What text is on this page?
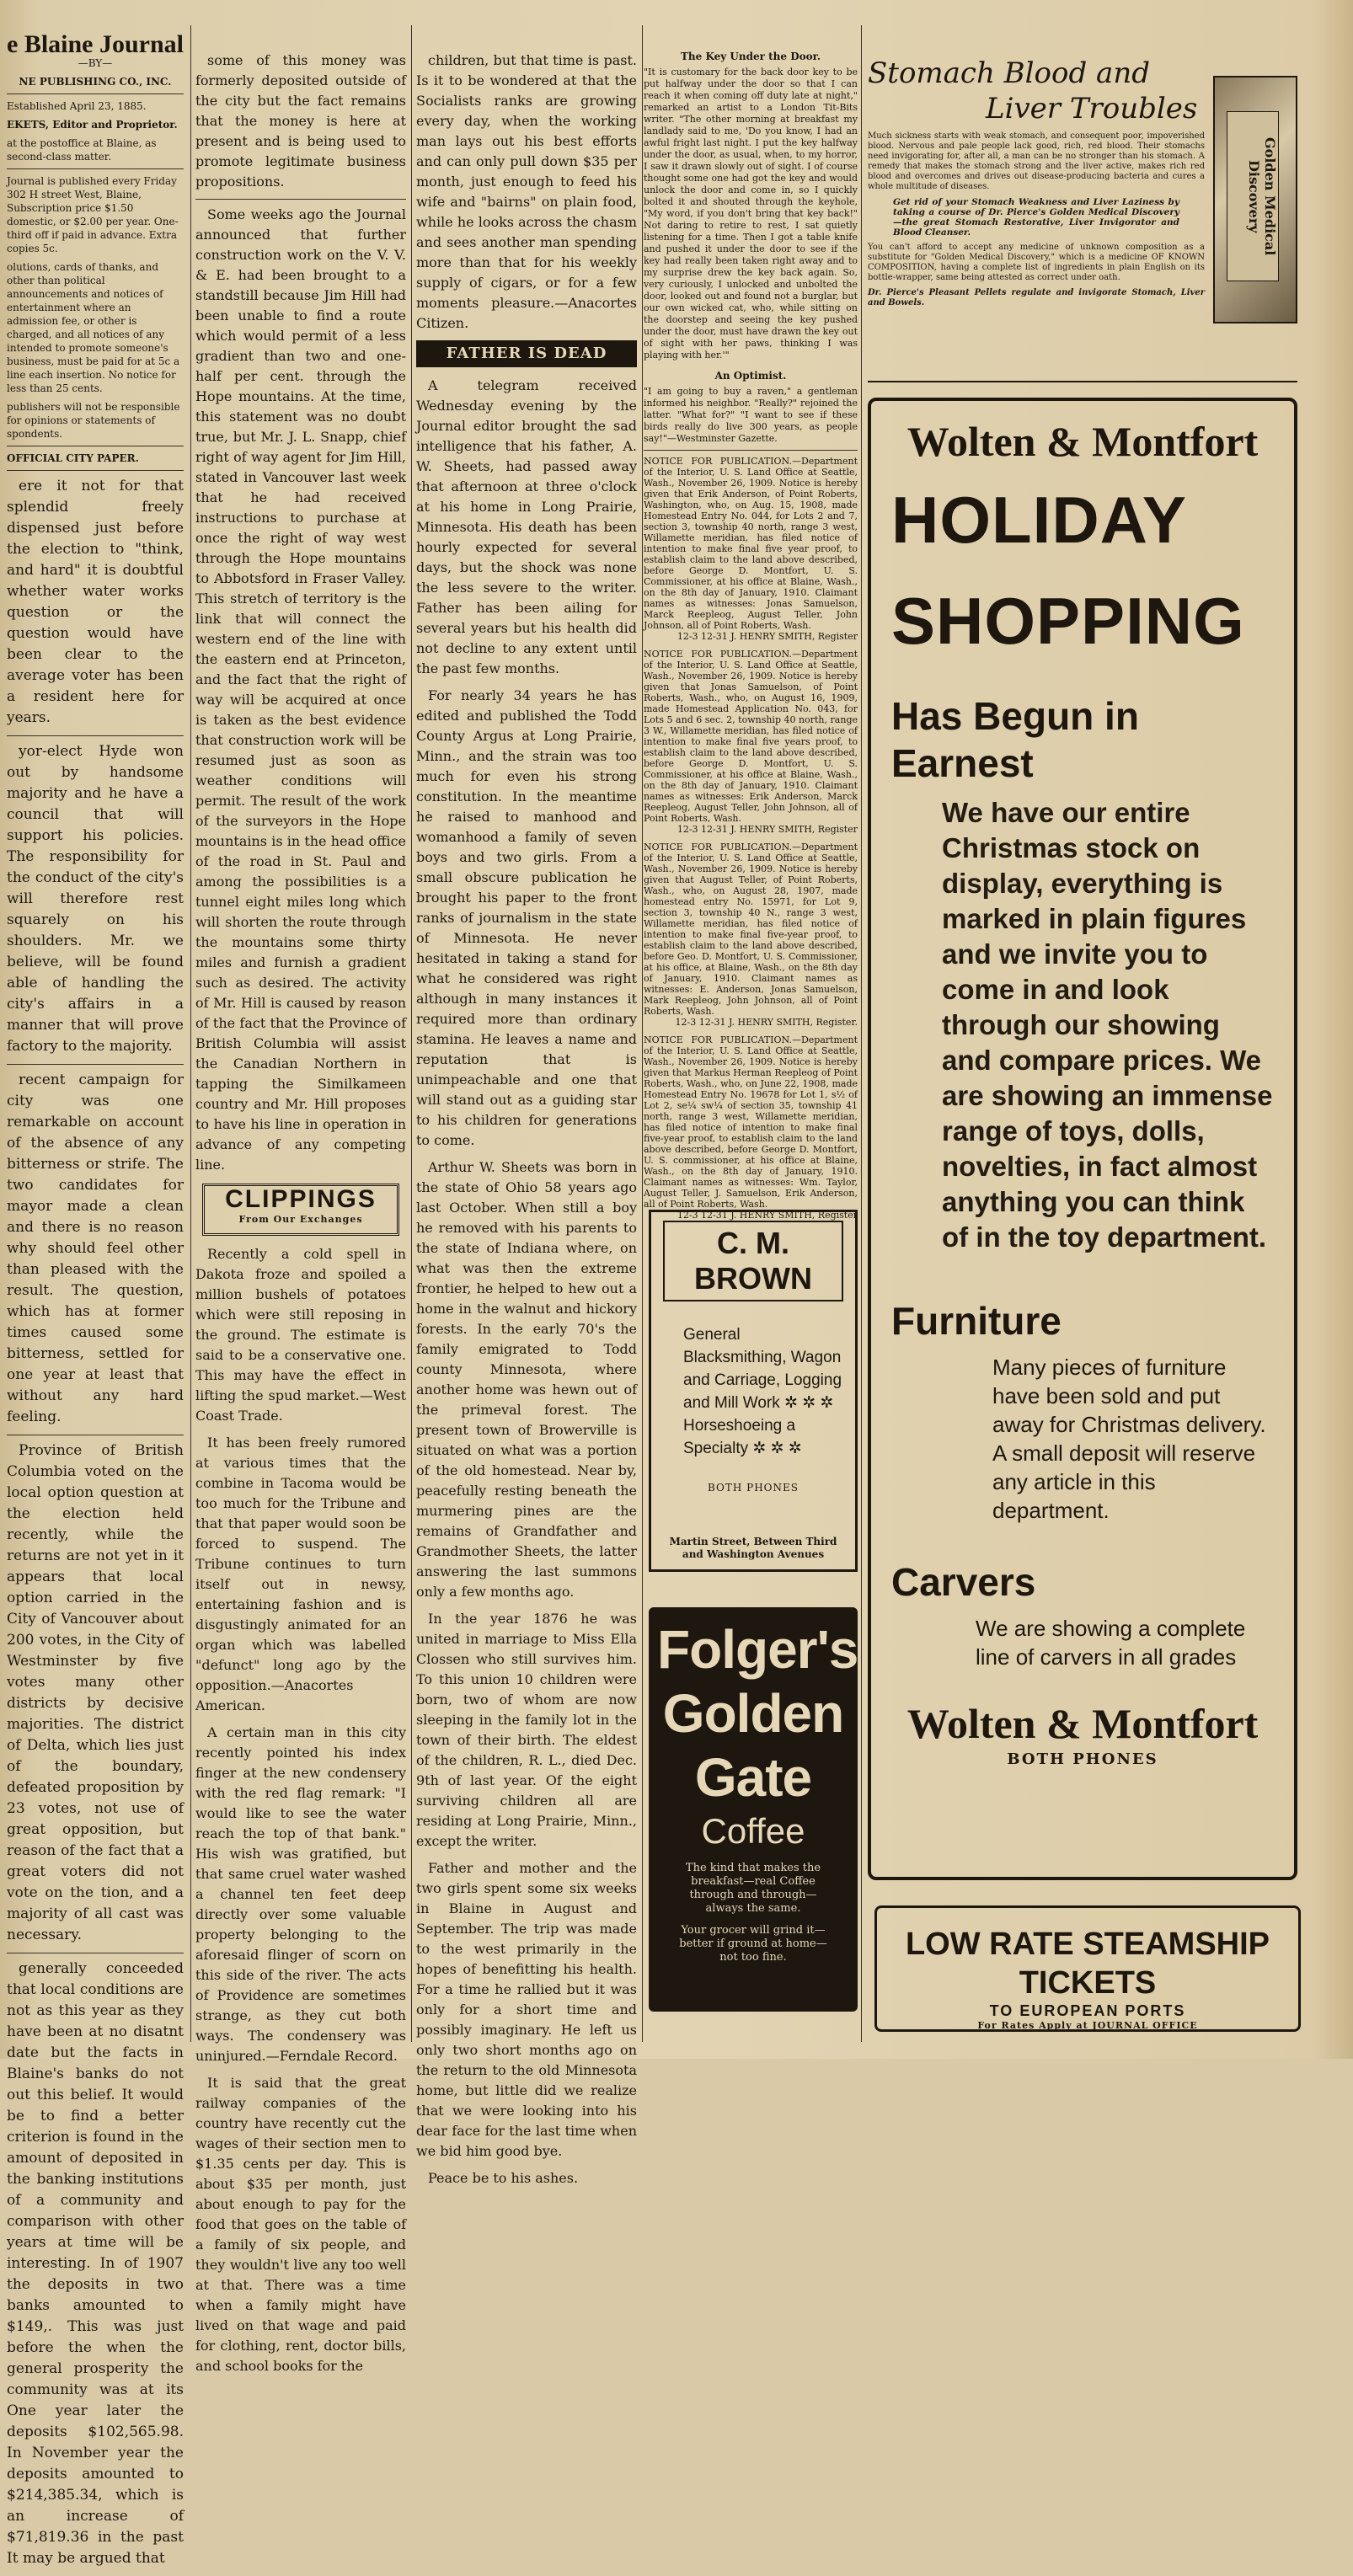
e Blaine Journal
—BY—
NE PUBLISHING CO., INC.
Established April 23, 1885.
EKETS, Editor and Proprietor.
at the postoffice at Blaine, as second-class matter.
Journal is published every Friday 302 H street West, Blaine, Subscription price $1.50 domestic, or $2.00 per year. One-third off if paid in advance. Extra copies 5c.
olutions, cards of thanks, and other than political announcements and notices of entertainment where an admission fee, or other is charged, and all notices of any intended to promote someone's business, must be paid for at 5c a line each insertion. No notice for less than 25 cents.
publishers will not be responsible for opinions or statements of spondents.
OFFICIAL CITY PAPER.

ere it not for that splendid freely dispensed just before the election to "think, and hard" it is doubtful whether water works question or the question would have been clear to the average voter has been a resident here for years.

yor-elect Hyde won out by handsome majority and he have a council that will support his policies. The responsibility for the conduct of the city's will therefore rest squarely on his shoulders. Mr. we believe, will be found able of handling the city's affairs in a manner that will prove factory to the majority.

recent campaign for city was one remarkable on account of the absence of any bitterness or strife. The two candidates for mayor made a clean and there is no reason why should feel other than pleased with the result. The question, which has at former times caused some bitterness, settled for one year at least that without any hard feeling.

Province of British Columbia voted on the local option question at the election held recently, while the returns are not yet in it appears that local option carried in the City of Vancouver about 200 votes, in the City of Westminster by five votes many other districts by decisive majorities. The district of Delta, which lies just of the boundary, defeated proposition by 23 votes, not use of great opposition, but reason of the fact that a great voters did not vote on the tion, and a majority of all cast was necessary.

generally conceeded that local conditions are not as this year as they have been at no disatnt date but the facts in Blaine's banks do not out this belief. It would be to find a better criterion is found in the amount of deposited in the banking institutions of a community and comparison with other years at time will be interesting. In of 1907 the deposits in two banks amounted to $149,. This was just before the when the general prosperity the community was at its One year later the deposits $102,565.98. In November year the deposits amounted to $214,385.34, which is an increase of $71,819.36 in the past It may be argued that

some of this money was formerly deposited outside of the city but the fact remains that the money is here at present and is being used to promote legitimate business propositions.

Some weeks ago the Journal announced that further construction work on the V. V. & E. had been brought to a standstill because Jim Hill had been unable to find a route which would permit of a less gradient than two and one-half per cent. through the Hope mountains. At the time, this statement was no doubt true, but Mr. J. L. Snapp, chief right of way agent for Jim Hill, stated in Vancouver last week that he had received instructions to purchase at once the right of way west through the Hope mountains to Abbotsford in Fraser Valley. This stretch of territory is the link that will connect the western end of the line with the eastern end at Princeton, and the fact that the right of way will be acquired at once is taken as the best evidence that construction work will be resumed just as soon as weather conditions will permit. The result of the work of the surveyors in the Hope mountains is in the head office of the road in St. Paul and among the possibilities is a tunnel eight miles long which will shorten the route through the mountains some thirty miles and furnish a gradient such as desired. The activity of Mr. Hill is caused by reason of the fact that the Province of British Columbia will assist the Canadian Northern in tapping the Similkameen country and Mr. Hill proposes to have his line in operation in advance of any competing line.

CLIPPINGS
From Our Exchanges

Recently a cold spell in Dakota froze and spoiled a million bushels of potatoes which were still reposing in the ground. The estimate is said to be a conservative one. This may have the effect in lifting the spud market.—West Coast Trade.

It has been freely rumored at various times that the combine in Tacoma would be too much for the Tribune and that that paper would soon be forced to suspend. The Tribune continues to turn itself out in newsy, entertaining fashion and is disgustingly animated for an organ which was labelled "defunct" long ago by the opposition.—Anacortes American.

A certain man in this city recently pointed his index finger at the new condensery with the red flag remark: "I would like to see the water reach the top of that bank." His wish was gratified, but that same cruel water washed a channel ten feet deep directly over some valuable property belonging to the aforesaid flinger of scorn on this side of the river. The acts of Providence are sometimes strange, as they cut both ways. The condensery was uninjured.—Ferndale Record.

It is said that the great railway companies of the country have recently cut the wages of their section men to $1.35 cents per day. This is about $35 per month, just about enough to pay for the food that goes on the table of a family of six people, and they wouldn't live any too well at that. There was a time when a family might have lived on that wage and paid for clothing, rent, doctor bills, and school books for the

children, but that time is past. Is it to be wondered at that the Socialists ranks are growing every day, when the working man lays out his best efforts and can only pull down $35 per month, just enough to feed his wife and "bairns" on plain food, while he looks across the chasm and sees another man spending more than that for his weekly supply of cigars, or for a few moments pleasure.—Anacortes Citizen.

FATHER IS DEAD

A telegram received Wednesday evening by the Journal editor brought the sad intelligence that his father, A. W. Sheets, had passed away that afternoon at three o'clock at his home in Long Prairie, Minnesota. His death has been hourly expected for several days, but the shock was none the less severe to the writer. Father has been ailing for several years but his health did not decline to any extent until the past few months.

For nearly 34 years he has edited and published the Todd County Argus at Long Prairie, Minn., and the strain was too much for even his strong constitution. In the meantime he raised to manhood and womanhood a family of seven boys and two girls. From a small obscure publication he brought his paper to the front ranks of journalism in the state of Minnesota. He never hesitated in taking a stand for what he considered was right although in many instances it required more than ordinary stamina. He leaves a name and reputation that is unimpeachable and one that will stand out as a guiding star to his children for generations to come.

Arthur W. Sheets was born in the state of Ohio 58 years ago last October. When still a boy he removed with his parents to the state of Indiana where, on what was then the extreme frontier, he helped to hew out a home in the walnut and hickory forests. In the early 70's the family emigrated to Todd county Minnesota, where another home was hewn out of the primeval forest. The present town of Browerville is situated on what was a portion of the old homestead. Near by, peacefully resting beneath the murmering pines are the remains of Grandfather and Grandmother Sheets, the latter answering the last summons only a few months ago.

In the year 1876 he was united in marriage to Miss Ella Clossen who still survives him. To this union 10 children were born, two of whom are now sleeping in the family lot in the town of their birth. The eldest of the children, R. L., died Dec. 9th of last year. Of the eight surviving children all are residing at Long Prairie, Minn., except the writer.

Father and mother and the two girls spent some six weeks in Blaine in August and September. The trip was made to the west primarily in the hopes of benefitting his health. For a time he rallied but it was only for a short time and possibly imaginary. He left us only two short months ago on the return to the old Minnesota home, but little did we realize that we were looking into his dear face for the last time when we bid him good bye.

Peace be to his ashes.

The Key Under the Door.
"It is customary for the back door key to be put halfway under the door so that I can reach it when coming off duty late at night," remarked an artist to a London Tit-Bits writer. "The other morning at breakfast my landlady said to me, 'Do you know, I had an awful fright last night. I put the key halfway under the door, as usual, when, to my horror, I saw it drawn slowly out of sight. I of course thought some one had got the key and would unlock the door and come in, so I quickly bolted it and shouted through the keyhole, "My word, if you don't bring that key back!" Not daring to retire to rest, I sat quietly listening for a time. Then I got a table knife and pushed it under the door to see if the key had really been taken right away and to my surprise drew the key back again. So, very curiously, I unlocked and unbolted the door, looked out and found not a burglar, but our own wicked cat, who, while sitting on the doorstep and seeing the key pushed under the door, must have drawn the key out of sight with her paws, thinking I was playing with her.'"
An Optimist.
"I am going to buy a raven," a gentleman informed his neighbor. "Really?" rejoined the latter. "What for?" "I want to see if these birds really do live 300 years, as people say!"—Westminster Gazette.
NOTICE FOR PUBLICATION.—Department of the Interior, U. S. Land Office at Seattle, Wash., November 26, 1909. Notice is hereby given that Erik Anderson, of Point Roberts, Washington, who, on Aug. 15, 1908, made Homestead Entry No. 044, for Lots 2 and 7, section 3, township 40 north, range 3 west, Willamette meridian, has filed notice of intention to make final five year proof, to establish claim to the land above described, before George D. Montfort, U. S. Commissioner, at his office at Blaine, Wash., on the 8th day of January, 1910. Claimant names as witnesses: Jonas Samuelson, Marck Reepleog, August Teller, John Johnson, all of Point Roberts, Wash.
12-3 12-31 J. HENRY SMITH, Register
NOTICE FOR PUBLICATION.—Department of the Interior, U. S. Land Office at Seattle, Wash., November 26, 1909. Notice is hereby given that Jonas Samuelson, of Point Roberts, Wash., who, on August 16, 1909, made Homestead Application No. 043, for Lots 5 and 6 sec. 2, township 40 north, range 3 W., Willamette meridian, has filed notice of intention to make final five years proof, to establish claim to the land above described, before George D. Montfort, U. S. Commissioner, at his office at Blaine, Wash., on the 8th day of January, 1910. Claimant names as witnesses: Erik Anderson, Marck Reepleog, August Teller, John Johnson, all of Point Roberts, Wash.
12-3 12-31 J. HENRY SMITH, Register
NOTICE FOR PUBLICATION.—Department of the Interior, U. S. Land Office at Seattle, Wash., November 26, 1909. Notice is hereby given that August Teller, of Point Roberts, Wash., who, on August 28, 1907, made homestead entry No. 15971, for Lot 9, section 3, township 40 N., range 3 west, Willamette meridian, has filed notice of intention to make final five-year proof, to establish claim to the land above described, before Geo. D. Montfort, U. S. Commissioner, at his office, at Blaine, Wash., on the 8th day of January, 1910. Claimant names as witnesses: E. Anderson, Jonas Samuelson, Mark Reepleog, John Johnson, all of Point Roberts, Wash.
12-3 12-31 J. HENRY SMITH, Register.
NOTICE FOR PUBLICATION.—Department of the Interior, U. S. Land Office at Seattle, Wash., November 26, 1909. Notice is hereby given that Markus Herman Reepleog of Point Roberts, Wash., who, on June 22, 1908, made Homestead Entry No. 19678 for Lot 1, s½ of Lot 2, se¼ sw¼ of section 35, township 41 north, range 3 west, Willamette meridian, has filed notice of intention to make final five-year proof, to establish claim to the land above described, before George D. Montfort, U. S. commissioner, at his office at Blaine, Wash., on the 8th day of January, 1910. Claimant names as witnesses: Wm. Taylor, August Teller, J. Samuelson, Erik Anderson, all of Point Roberts, Wash.
12-3 12-31 J. HENRY SMITH, Register
C. M. BROWN
General Blacksmithing, Wagon and Carriage, Logging and Mill Work ✲ ✲ ✲ Horseshoeing a Specialty ✲ ✲ ✲
BOTH PHONES
Martin Street, Between Third and Washington Avenues
Folger's
Golden
Gate
Coffee
The kind that makes the breakfast—real Coffee through and through—always the same.
Your grocer will grind it—better if ground at home—not too fine.
Stomach Blood and
Liver Troubles
Much sickness starts with weak stomach, and consequent poor, impoverished blood. Nervous and pale people lack good, rich, red blood. Their stomachs need invigorating for, after all, a man can be no stronger than his stomach. A remedy that makes the stomach strong and the liver active, makes rich red blood and overcomes and drives out disease-producing bacteria and cures a whole multitude of diseases.
Get rid of your Stomach Weakness and Liver Laziness by taking a course of Dr. Pierce's Golden Medical Discovery —the great Stomach Restorative, Liver Invigorator and Blood Cleanser.
You can't afford to accept any medicine of unknown composition as a substitute for "Golden Medical Discovery," which is a medicine OF KNOWN COMPOSITION, having a complete list of ingredients in plain English on its bottle-wrapper, same being attested as correct under oath.
Dr. Pierce's Pleasant Pellets regulate and invigorate Stomach, Liver and Bowels.
Golden Medical Discovery
Wolten & Montfort
HOLIDAY
SHOPPING
Has Begun in Earnest
We have our entire Christmas stock on display, everything is marked in plain figures and we invite you to come in and look through our showing and compare prices. We are showing an immense range of toys, dolls, novelties, in fact almost anything you can think of in the toy department.
Furniture
Many pieces of furniture have been sold and put away for Christmas delivery. A small deposit will reserve any article in this department.
Carvers
We are showing a complete line of carvers in all grades
Wolten & Montfort
BOTH PHONES
LOW RATE STEAMSHIP TICKETS
TO EUROPEAN PORTS
For Rates Apply at JOURNAL OFFICE
